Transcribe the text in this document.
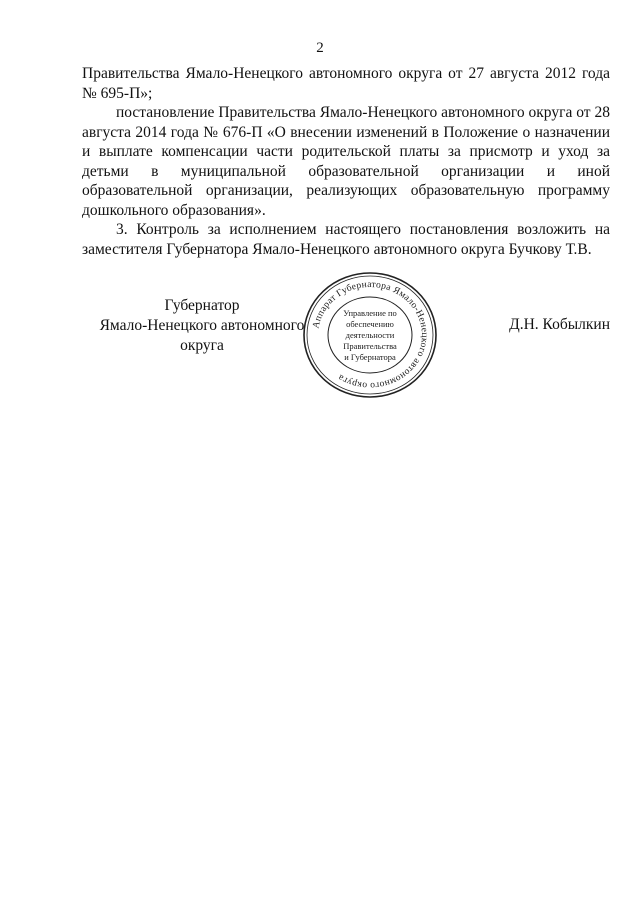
2

Правительства Ямало-Ненецкого автономного округа от 27 августа 2012 года № 695-П»;

постановление Правительства Ямало-Ненецкого автономного округа от 28 августа 2014 года № 676-П «О внесении изменений в Положение о назначении и выплате компенсации части родительской платы за присмотр и уход за детьми в муниципальной образовательной организации и иной образовательной организации, реализующих образовательную программу дошкольного образования».

3. Контроль за исполнением настоящего постановления возложить на заместителя Губернатора Ямало-Ненецкого автономного округа Бучкову Т.В.

Губернатор
Ямало-Ненецкого автономного округа
Д.Н. Кобылкин
Аппарат Губернатора Ямало-Ненецкого автономного округа
Управление по
обеспечению
деятельности
Правительства
и Губернатора
